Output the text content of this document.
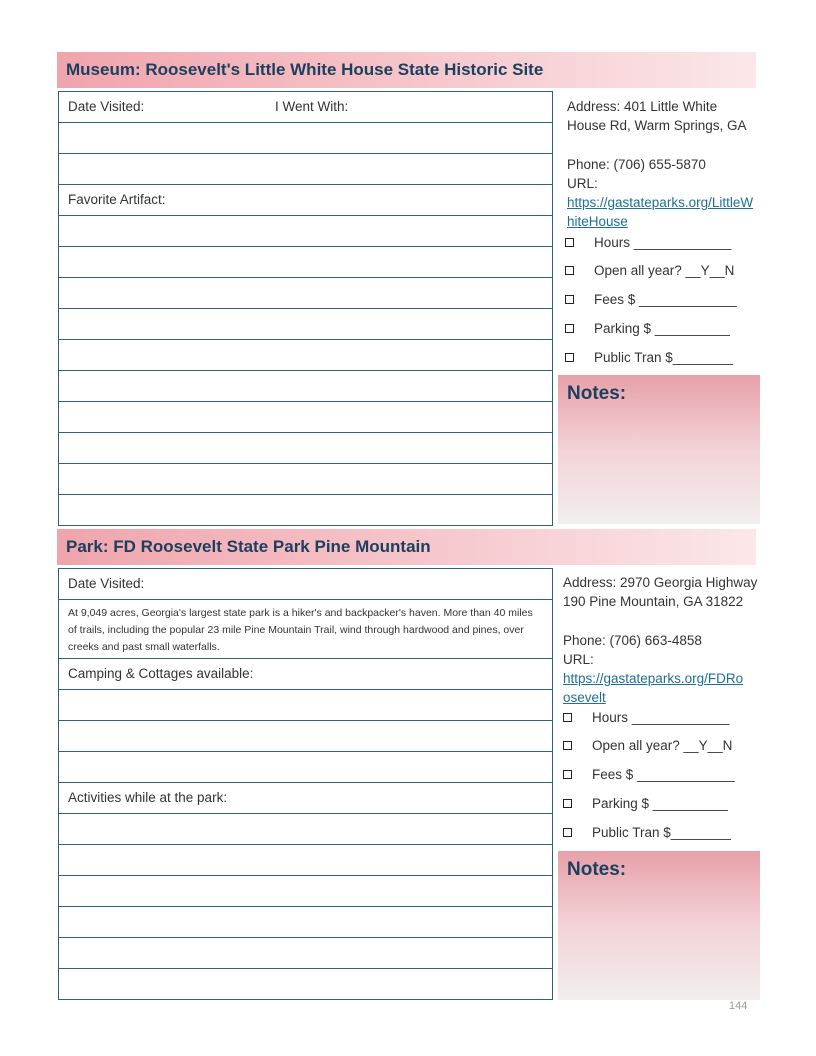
Museum: Roosevelt's Little White House State Historic Site
Date Visited:	I Went With:
Favorite Artifact:
Address: 401 Little White House Rd, Warm Springs, GA
Phone: (706) 655-5870
URL:
https://gastateparks.org/LittleWhiteHouse
Hours _____________
Open all year? __Y__N
Fees $ _____________
Parking $ __________
Public Tran $________
Notes:
Park: FD Roosevelt State Park Pine Mountain
Date Visited:
At 9,049 acres, Georgia's largest state park is a hiker's and backpacker's haven. More than 40 miles of trails, including the popular 23 mile Pine Mountain Trail, wind through hardwood and pines, over creeks and past small waterfalls.
Camping & Cottages available:
Activities while at the park:
Address: 2970 Georgia Highway 190 Pine Mountain, GA 31822
Phone: (706) 663-4858
URL:
https://gastateparks.org/FDRoosevelt
Hours _____________
Open all year? __Y__N
Fees $ _____________
Parking $ __________
Public Tran $________
Notes:
144
